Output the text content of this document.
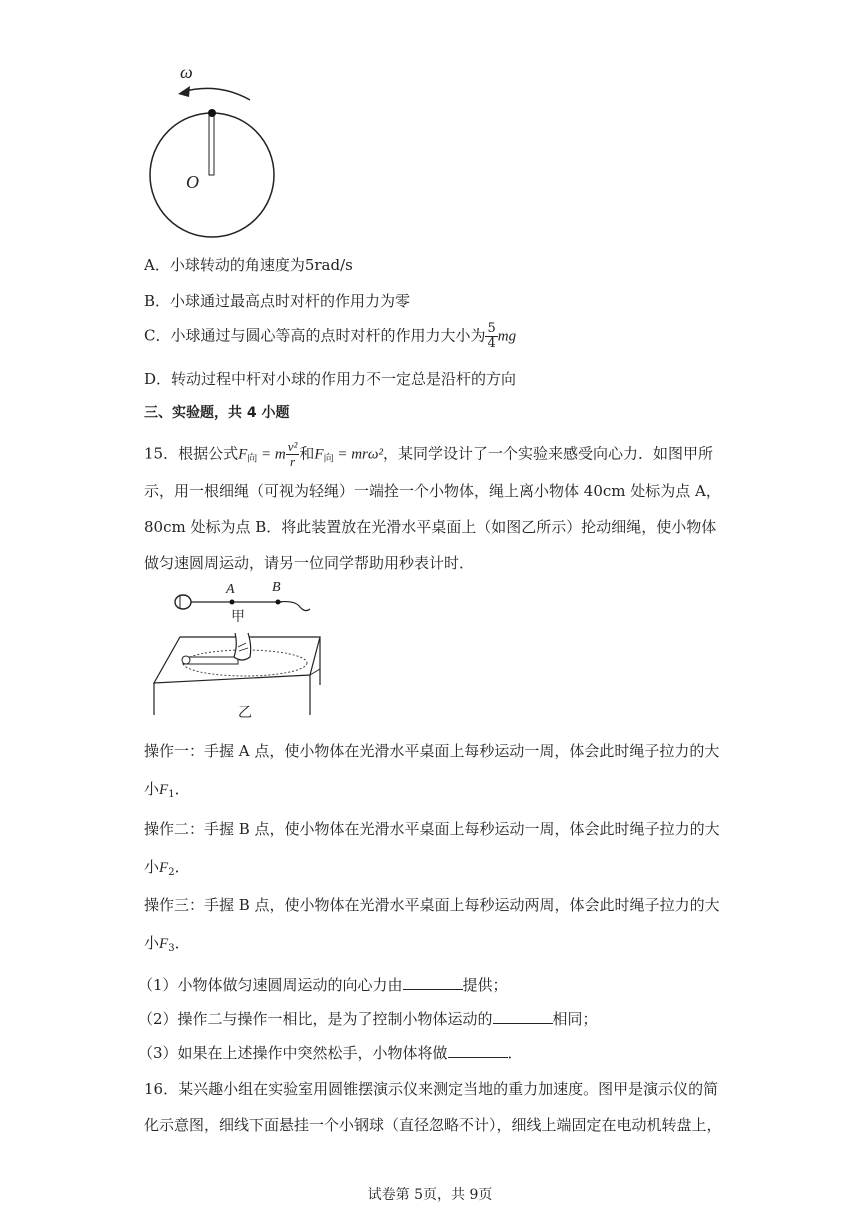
ω
O
A．小球转动的角速度为5rad/s
B．小球通过最高点时对杆的作用力为零
C．小球通过与圆心等高的点时对杆的作用力大小为 $\frac{5}{4}$ mg
D．转动过程中杆对小球的作用力不一定总是沿杆的方向
三、实验题，共 4 小题
15．根据公式$F_向 = m \frac{\text{v²}}{r}$ 和$F_向 = mr\omega^2$，某同学设计了一个实验来感受向心力．如图甲所
示，用一根细绳（可视为轻绳）一端拴一个小物体，绳上离小物体 40cm 处标为点 A，
80cm 处标为点 B．将此装置放在光滑水平桌面上（如图乙所示）抡动细绳，使小物体
做匀速圆周运动，请另一位同学帮助用秒表计时．
A	B
甲
乙
操作一：手握 A 点，使小物体在光滑水平桌面上每秒运动一周，体会此时绳子拉力的大
小$F_1$．
操作二：手握 B 点，使小物体在光滑水平桌面上每秒运动一周，体会此时绳子拉力的大
小$F_2$．
操作三：手握 B 点，使小物体在光滑水平桌面上每秒运动两周，体会此时绳子拉力的大
小$F_3$．
（1）小物体做匀速圆周运动的向心力由	提供；
（2）操作二与操作一相比，是为了控制小物体运动的	相同；
（3）如果在上述操作中突然松手，小物体将做	．
16．某兴趣小组在实验室用圆锥摆演示仪来测定当地的重力加速度。图甲是演示仪的简
化示意图，细线下面悬挂一个小钢球（直径忽略不计），细线上端固定在电动机转盘上，
试卷第 5页，共 9页
